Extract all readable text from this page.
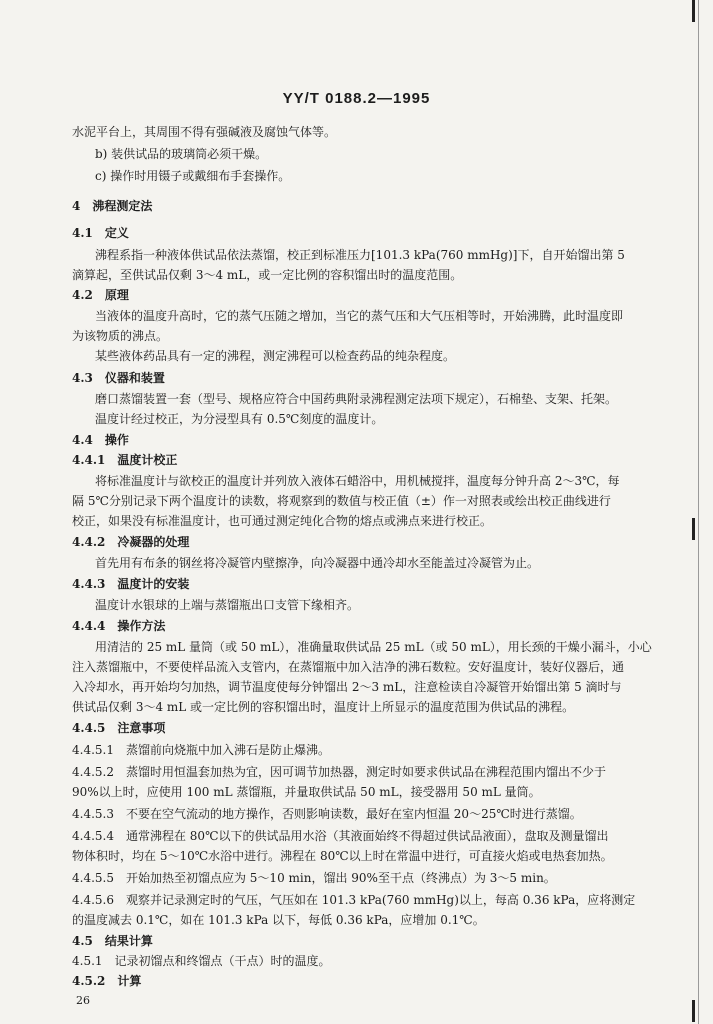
YY/T 0188.2—1995
水泥平台上，其周围不得有强碱液及腐蚀气体等。
b) 装供试品的玻璃筒必须干燥。
c) 操作时用镊子或戴细布手套操作。
4　沸程测定法
4.1　定义
沸程系指一种液体供试品依法蒸馏，校正到标准压力[101.3 kPa(760 mmHg)]下，自开始馏出第 5
滴算起，至供试品仅剩 3～4 mL，或一定比例的容积馏出时的温度范围。
4.2　原理
当液体的温度升高时，它的蒸气压随之增加，当它的蒸气压和大气压相等时，开始沸腾，此时温度即
为该物质的沸点。
某些液体药品具有一定的沸程，测定沸程可以检查药品的纯杂程度。
4.3　仪器和装置
磨口蒸馏装置一套（型号、规格应符合中国药典附录沸程测定法项下规定），石棉垫、支架、托架。
温度计经过校正，为分浸型具有 0.5℃刻度的温度计。
4.4　操作
4.4.1　温度计校正
将标准温度计与欲校正的温度计并列放入液体石蜡浴中，用机械搅拌，温度每分钟升高 2～3℃，每
隔 5℃分别记录下两个温度计的读数，将观察到的数值与校正值（±）作一对照表或绘出校正曲线进行
校正，如果没有标准温度计，也可通过测定纯化合物的熔点或沸点来进行校正。
4.4.2　冷凝器的处理
首先用有布条的钢丝将冷凝管内壁擦净，向冷凝器中通冷却水至能盖过冷凝管为止。
4.4.3　温度计的安装
温度计水银球的上端与蒸馏瓶出口支管下缘相齐。
4.4.4　操作方法
用清洁的 25 mL 量筒（或 50 mL），准确量取供试品 25 mL（或 50 mL），用长颈的干燥小漏斗，小心
注入蒸馏瓶中，不要使样品流入支管内，在蒸馏瓶中加入洁净的沸石数粒。安好温度计，装好仪器后，通
入冷却水，再开始均匀加热，调节温度使每分钟馏出 2～3 mL，注意检读自冷凝管开始馏出第 5 滴时与
供试品仅剩 3～4 mL 或一定比例的容积馏出时，温度计上所显示的温度范围为供试品的沸程。
4.4.5　注意事项
4.4.5.1　蒸馏前向烧瓶中加入沸石是防止爆沸。
4.4.5.2　蒸馏时用恒温套加热为宜，因可调节加热器，测定时如要求供试品在沸程范围内馏出不少于
90%以上时，应使用 100 mL 蒸馏瓶，并量取供试品 50 mL，接受器用 50 mL 量筒。
4.4.5.3　不要在空气流动的地方操作，否则影响读数，最好在室内恒温 20～25℃时进行蒸馏。
4.4.5.4　通常沸程在 80℃以下的供试品用水浴（其液面始终不得超过供试品液面），盘取及测量馏出
物体积时，均在 5～10℃水浴中进行。沸程在 80℃以上时在常温中进行，可直接火焰或电热套加热。
4.4.5.5　开始加热至初馏点应为 5～10 min，馏出 90%至干点（终沸点）为 3～5 min。
4.4.5.6　观察并记录测定时的气压，气压如在 101.3 kPa(760 mmHg)以上，每高 0.36 kPa，应将测定
的温度减去 0.1℃，如在 101.3 kPa 以下，每低 0.36 kPa，应增加 0.1℃。
4.5　结果计算
4.5.1　记录初馏点和终馏点（干点）时的温度。
4.5.2　计算
26
